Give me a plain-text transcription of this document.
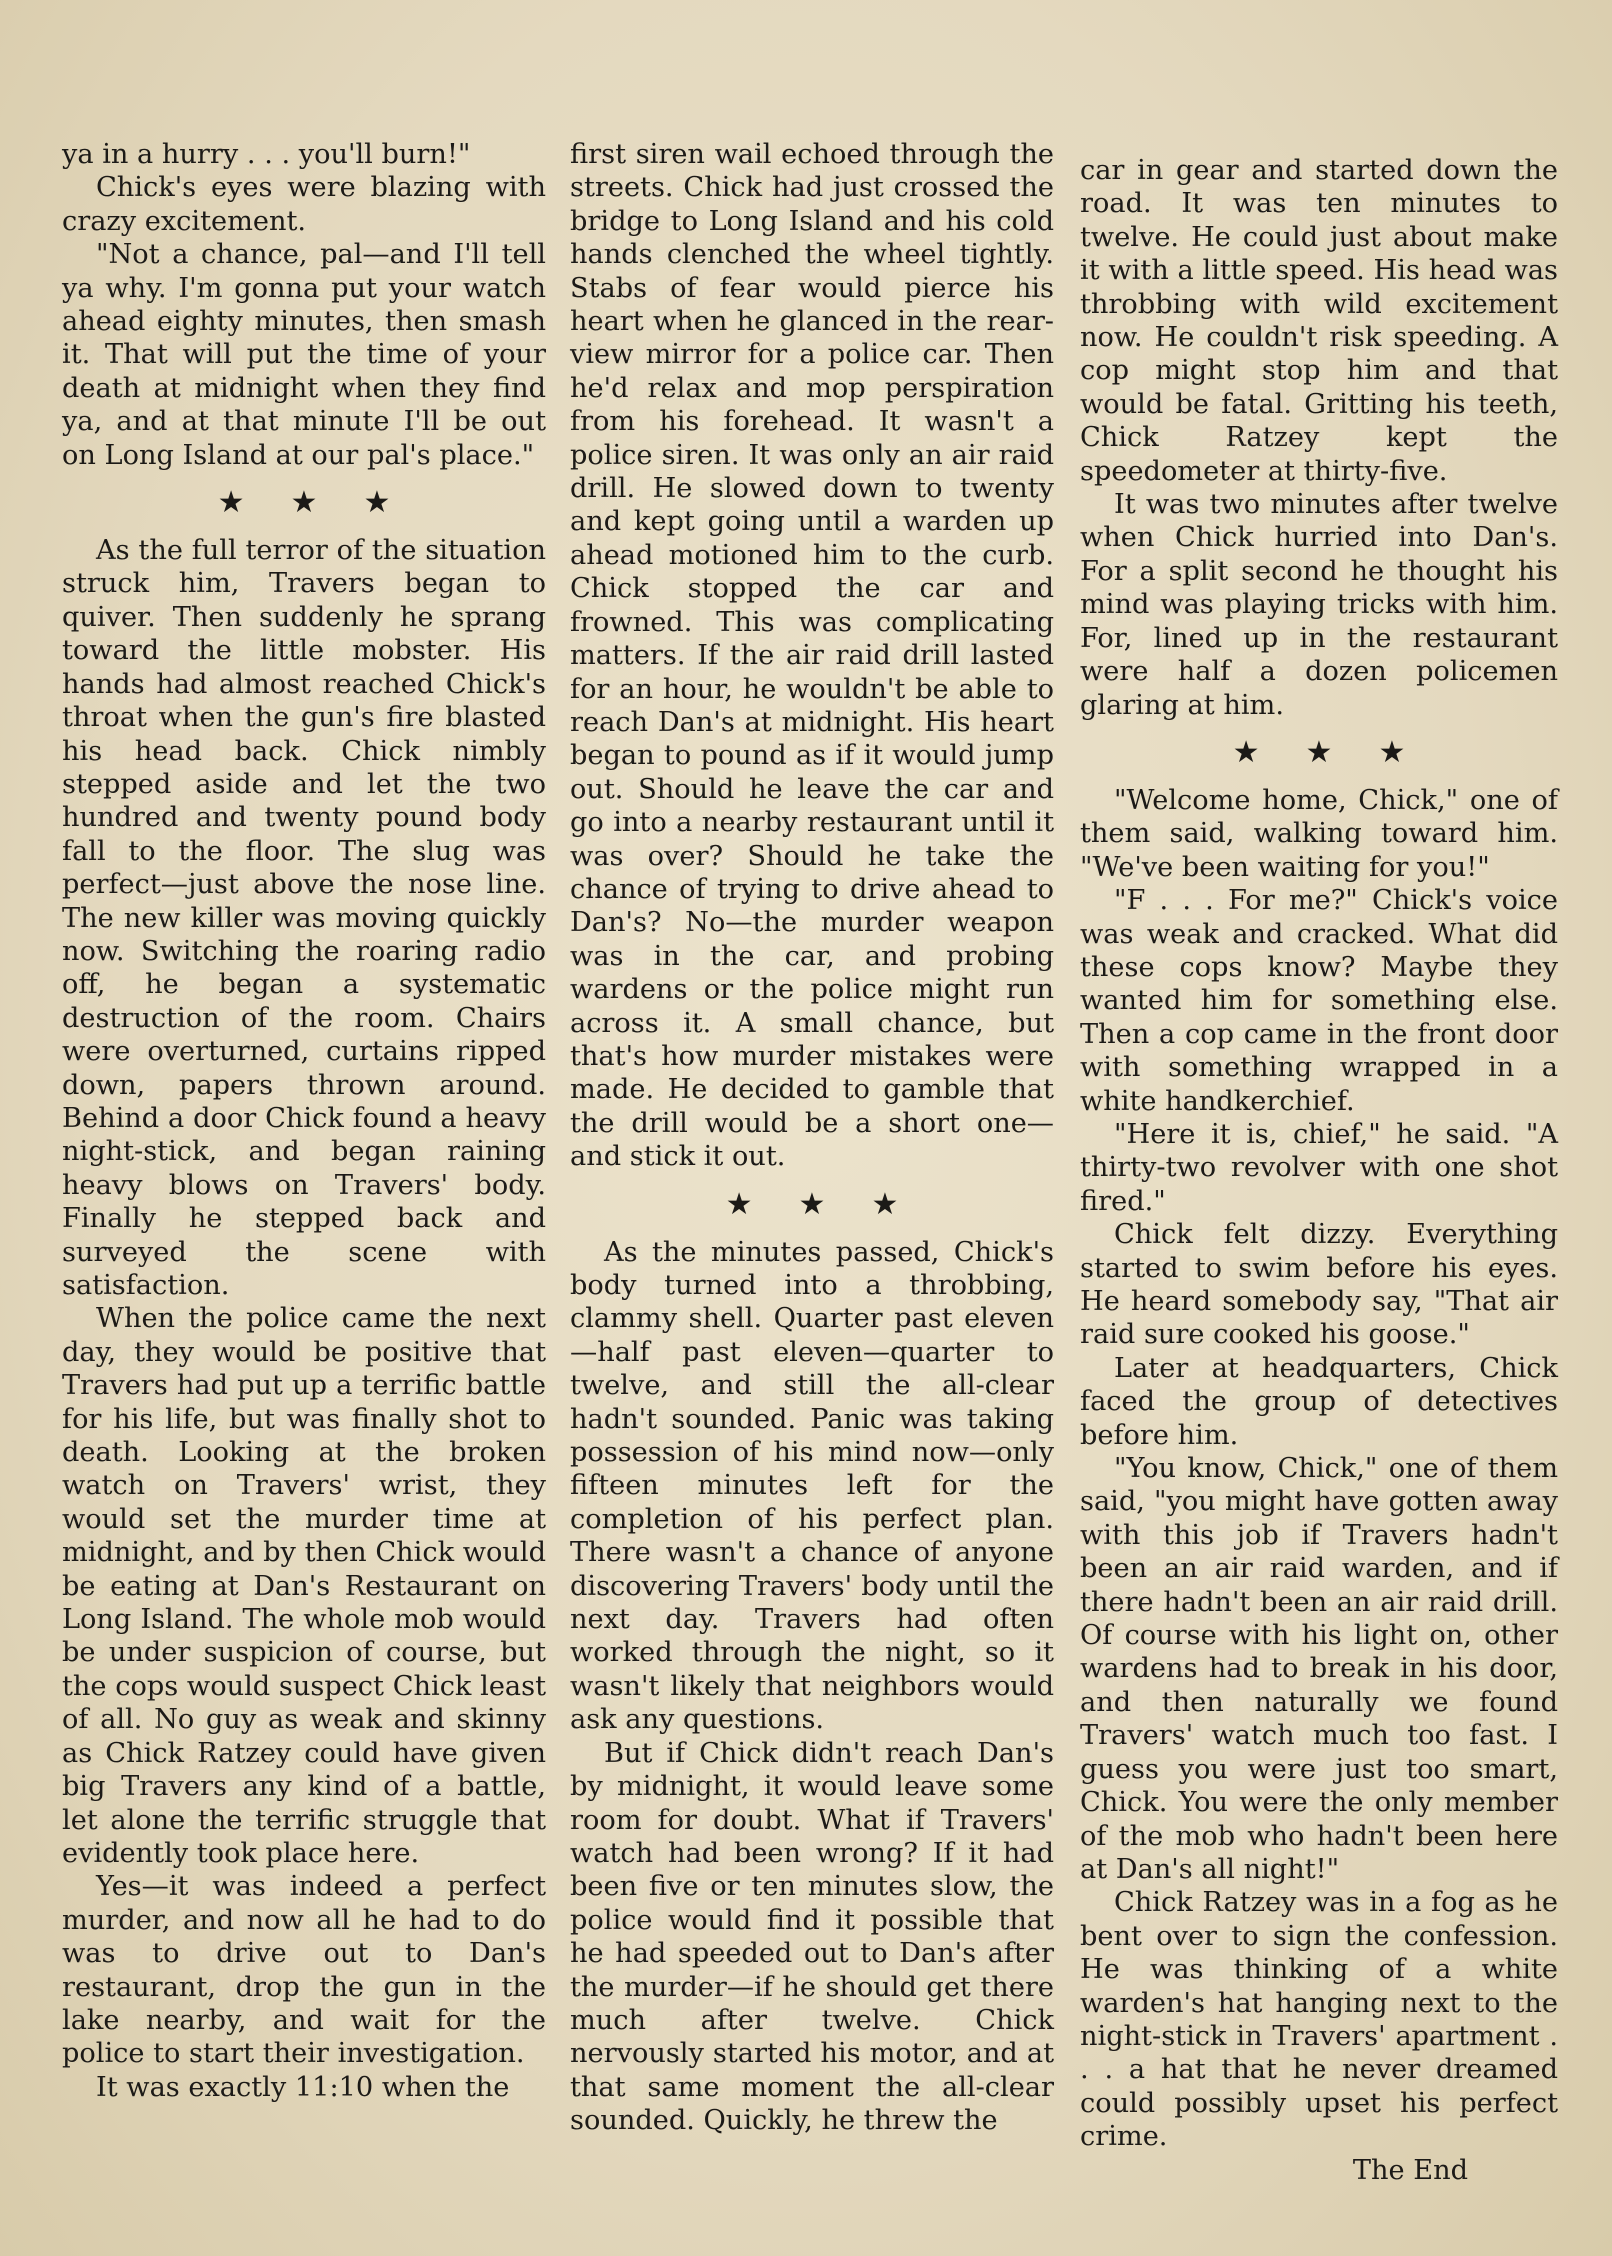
ya in a hurry . . . you'll burn!"

Chick's eyes were blazing with crazy excitement.

"Not a chance, pal—and I'll tell ya why. I'm gonna put your watch ahead eighty minutes, then smash it. That will put the time of your death at midnight when they find ya, and at that minute I'll be out on Long Island at our pal's place."

★★★

As the full terror of the situation struck him, Travers began to quiver. Then suddenly he sprang toward the little mobster. His hands had almost reached Chick's throat when the gun's fire blasted his head back. Chick nimbly stepped aside and let the two hundred and twenty pound body fall to the floor. The slug was perfect—just above the nose line. The new killer was moving quickly now. Switching the roaring radio off, he began a systematic destruction of the room. Chairs were overturned, curtains ripped down, papers thrown around. Behind a door Chick found a heavy night-stick, and began raining heavy blows on Travers' body. Finally he stepped back and surveyed the scene with satisfaction.

When the police came the next day, they would be positive that Travers had put up a terrific battle for his life, but was finally shot to death. Looking at the broken watch on Travers' wrist, they would set the murder time at midnight, and by then Chick would be eating at Dan's Restaurant on Long Island. The whole mob would be under suspicion of course, but the cops would suspect Chick least of all. No guy as weak and skinny as Chick Ratzey could have given big Travers any kind of a battle, let alone the terrific struggle that evidently took place here.

Yes—it was indeed a perfect murder, and now all he had to do was to drive out to Dan's restaurant, drop the gun in the lake nearby, and wait for the police to start their investigation.

It was exactly 11:10 when the

first siren wail echoed through the streets. Chick had just crossed the bridge to Long Island and his cold hands clenched the wheel tightly. Stabs of fear would pierce his heart when he glanced in the rear-view mirror for a police car. Then he'd relax and mop perspiration from his forehead. It wasn't a police siren. It was only an air raid drill. He slowed down to twenty and kept going until a warden up ahead motioned him to the curb. Chick stopped the car and frowned. This was complicating matters. If the air raid drill lasted for an hour, he wouldn't be able to reach Dan's at midnight. His heart began to pound as if it would jump out. Should he leave the car and go into a nearby restaurant until it was over? Should he take the chance of trying to drive ahead to Dan's? No—the murder weapon was in the car, and probing wardens or the police might run across it. A small chance, but that's how murder mistakes were made. He decided to gamble that the drill would be a short one—and stick it out.

★★★

As the minutes passed, Chick's body turned into a throbbing, clammy shell. Quarter past eleven—half past eleven—quarter to twelve, and still the all-clear hadn't sounded. Panic was taking possession of his mind now—only fifteen minutes left for the completion of his perfect plan. There wasn't a chance of anyone discovering Travers' body until the next day. Travers had often worked through the night, so it wasn't likely that neighbors would ask any questions.

But if Chick didn't reach Dan's by midnight, it would leave some room for doubt. What if Travers' watch had been wrong? If it had been five or ten minutes slow, the police would find it possible that he had speeded out to Dan's after the murder—if he should get there much after twelve. Chick nervously started his motor, and at that same moment the all-clear sounded. Quickly, he threw the

car in gear and started down the road. It was ten minutes to twelve. He could just about make it with a little speed. His head was throbbing with wild excitement now. He couldn't risk speeding. A cop might stop him and that would be fatal. Gritting his teeth, Chick Ratzey kept the speedometer at thirty-five.

It was two minutes after twelve when Chick hurried into Dan's. For a split second he thought his mind was playing tricks with him. For, lined up in the restaurant were half a dozen policemen glaring at him.

★★★

"Welcome home, Chick," one of them said, walking toward him. "We've been waiting for you!"

"F . . . For me?" Chick's voice was weak and cracked. What did these cops know? Maybe they wanted him for something else. Then a cop came in the front door with something wrapped in a white handkerchief.

"Here it is, chief," he said. "A thirty-two revolver with one shot fired."

Chick felt dizzy. Everything started to swim before his eyes. He heard somebody say, "That air raid sure cooked his goose."

Later at headquarters, Chick faced the group of detectives before him.

"You know, Chick," one of them said, "you might have gotten away with this job if Travers hadn't been an air raid warden, and if there hadn't been an air raid drill. Of course with his light on, other wardens had to break in his door, and then naturally we found Travers' watch much too fast. I guess you were just too smart, Chick. You were the only member of the mob who hadn't been here at Dan's all night!"

Chick Ratzey was in a fog as he bent over to sign the confession. He was thinking of a white warden's hat hanging next to the night-stick in Travers' apartment . . . a hat that he never dreamed could possibly upset his perfect crime.

The End
